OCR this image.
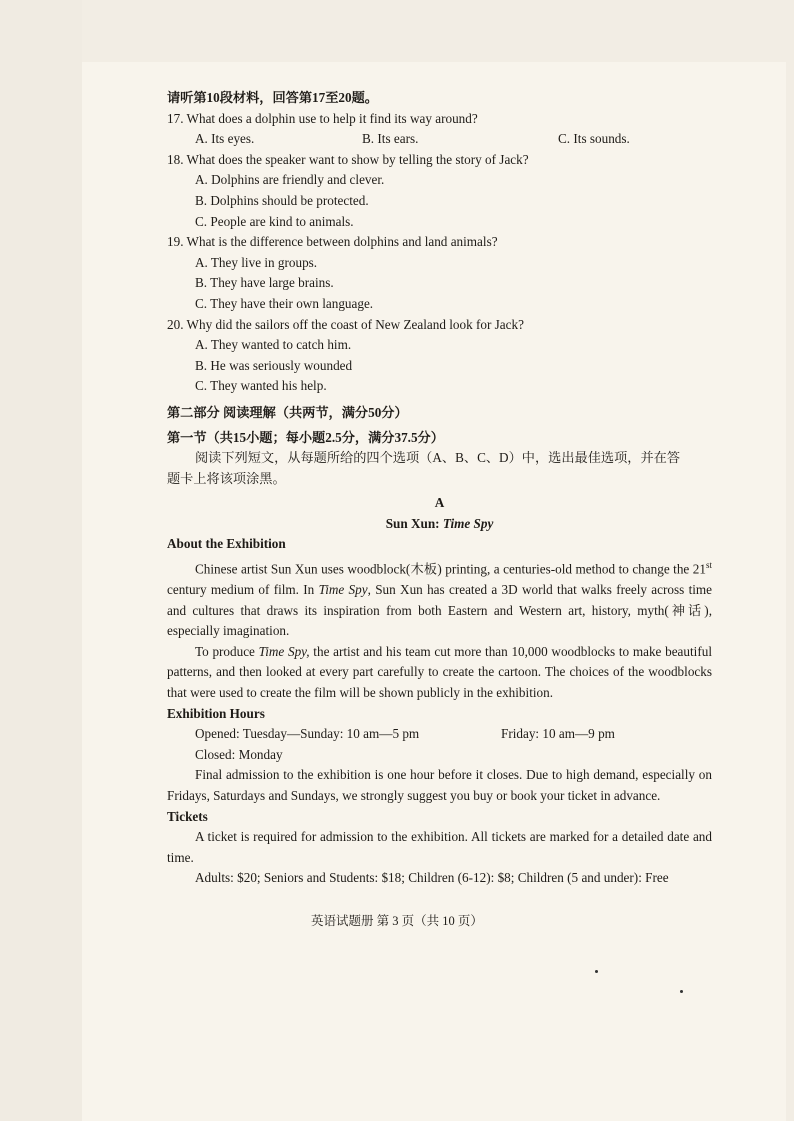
请听第10段材料，回答第17至20题。

17. What does a dolphin use to help it find its way around?

A. Its eyes.	B. Its ears.	C. Its sounds.

18. What does the speaker want to show by telling the story of Jack?

A. Dolphins are friendly and clever.

B. Dolphins should be protected.

C. People are kind to animals.

19. What is the difference between dolphins and land animals?

A. They live in groups.

B. They have large brains.

C. They have their own language.

20. Why did the sailors off the coast of New Zealand look for Jack?

A. They wanted to catch him.

B. He was seriously wounded

C. They wanted his help.

第二部分 阅读理解（共两节，满分50分）

第一节（共15小题；每小题2.5分，满分37.5分）

阅读下列短文，从每题所给的四个选项（A、B、C、D）中，选出最佳选项，并在答

题卡上将该项涂黑。

A

Sun Xun: Time Spy

About the Exhibition

Chinese artist Sun Xun uses woodblock(木板) printing, a centuries-old method to change the 21st century medium of film. In Time Spy, Sun Xun has created a 3D world that walks freely across time and cultures that draws its inspiration from both Eastern and Western art, history, myth(神话), especially imagination.

To produce Time Spy, the artist and his team cut more than 10,000 woodblocks to make beautiful patterns, and then looked at every part carefully to create the cartoon. The choices of the woodblocks that were used to create the film will be shown publicly in the exhibition.

Exhibition Hours

Opened: Tuesday—Sunday: 10 am—5 pm	Friday: 10 am—9 pm

Closed: Monday

Final admission to the exhibition is one hour before it closes. Due to high demand, especially on Fridays, Saturdays and Sundays, we strongly suggest you buy or book your ticket in advance.

Tickets

A ticket is required for admission to the exhibition. All tickets are marked for a detailed date and time.

Adults: $20; Seniors and Students: $18; Children (6-12): $8; Children (5 and under): Free

英语试题册 第 3 页（共 10 页）
